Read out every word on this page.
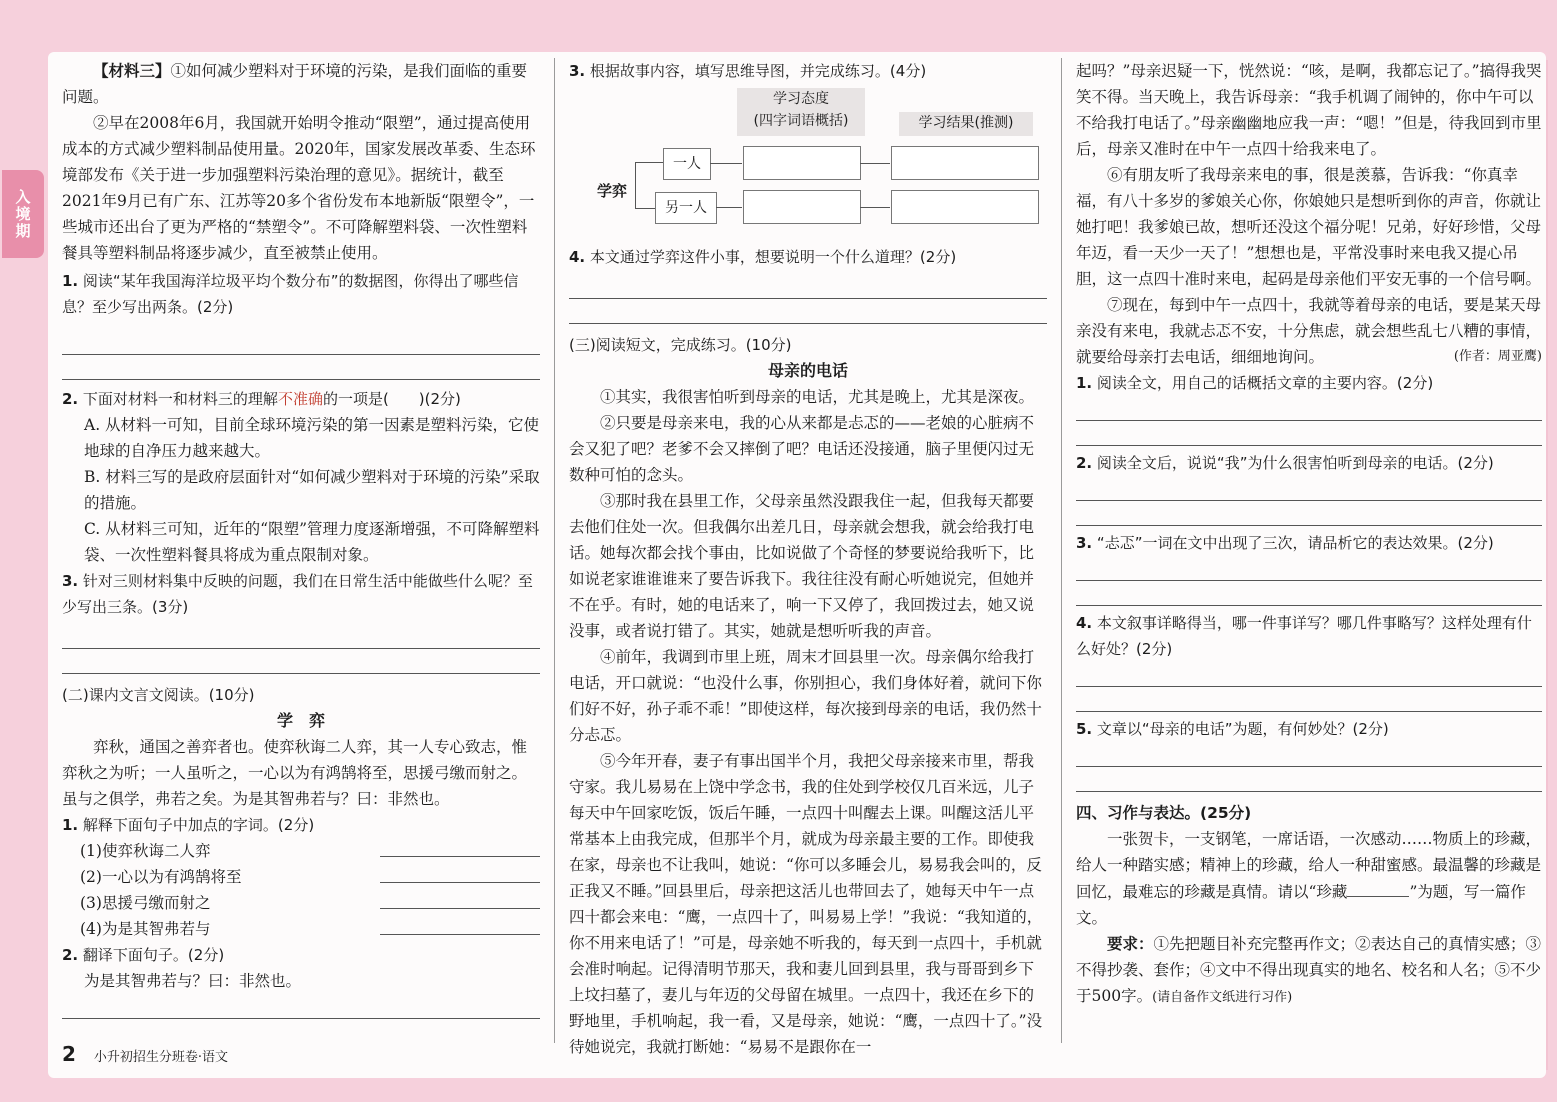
入境期

【材料三】①如何减少塑料对于环境的污染，是我们面临的重要问题。

②早在2008年6月，我国就开始明令推动“限塑”，通过提高使用成本的方式减少塑料制品使用量。2020年，国家发展改革委、生态环境部发布《关于进一步加强塑料污染治理的意见》。据统计，截至2021年9月已有广东、江苏等20多个省份发布本地新版“限塑令”，一些城市还出台了更为严格的“禁塑令”。不可降解塑料袋、一次性塑料餐具等塑料制品将逐步减少，直至被禁止使用。

1. 阅读“某年我国海洋垃圾平均个数分布”的数据图，你得出了哪些信息？至少写出两条。(2分)

2. 下面对材料一和材料三的理解不准确的一项是(　　)(2分)

A. 从材料一可知，目前全球环境污染的第一因素是塑料污染，它使地球的自净压力越来越大。

B. 材料三写的是政府层面针对“如何减少塑料对于环境的污染”采取的措施。

C. 从材料三可知，近年的“限塑”管理力度逐渐增强，不可降解塑料袋、一次性塑料餐具将成为重点限制对象。

3. 针对三则材料集中反映的问题，我们在日常生活中能做些什么呢？至少写出三条。(3分)

(二)课内文言文阅读。(10分)

学　弈

弈秋，通国之善弈者也。使弈秋诲二人弈，其一人专心致志，惟弈秋之为听；一人虽听之，一心以为有鸿鹄将至，思援弓缴而射之。虽与之俱学，弗若之矣。为是其智弗若与？曰：非然也。

1. 解释下面句子中加点的字词。(2分)

(1)使弈秋诲二人弈
(2)一心以为有鸿鹄将至
(3)思援弓缴而射之
(4)为是其智弗若与

2. 翻译下面句子。(2分)

为是其智弗若与？曰：非然也。

3. 根据故事内容，填写思维导图，并完成练习。(4分)

学习态度
(四字词语概括)	学习结果(推测)
学弈
一人
另一人

4. 本文通过学弈这件小事，想要说明一个什么道理？(2分)

(三)阅读短文，完成练习。(10分)

母亲的电话

①其实，我很害怕听到母亲的电话，尤其是晚上，尤其是深夜。

②只要是母亲来电，我的心从来都是忐忑的——老娘的心脏病不会又犯了吧？老爹不会又摔倒了吧？电话还没接通，脑子里便闪过无数种可怕的念头。

③那时我在县里工作，父母亲虽然没跟我住一起，但我每天都要去他们住处一次。但我偶尔出差几日，母亲就会想我，就会给我打电话。她每次都会找个事由，比如说做了个奇怪的梦要说给我听下，比如说老家谁谁谁来了要告诉我下。我往往没有耐心听她说完，但她并不在乎。有时，她的电话来了，响一下又停了，我回拨过去，她又说没事，或者说打错了。其实，她就是想听听我的声音。

④前年，我调到市里上班，周末才回县里一次。母亲偶尔给我打电话，开口就说：“也没什么事，你别担心，我们身体好着，就问下你们好不好，孙子乖不乖！”即使这样，每次接到母亲的电话，我仍然十分忐忑。

⑤今年开春，妻子有事出国半个月，我把父母亲接来市里，帮我守家。我儿易易在上饶中学念书，我的住处到学校仅几百米远，儿子每天中午回家吃饭，饭后午睡，一点四十叫醒去上课。叫醒这活儿平常基本上由我完成，但那半个月，就成为母亲最主要的工作。即使我在家，母亲也不让我叫，她说：“你可以多睡会儿，易易我会叫的，反正我又不睡。”回县里后，母亲把这活儿也带回去了，她每天中午一点四十都会来电：“鹰，一点四十了，叫易易上学！”我说：“我知道的，你不用来电话了！”可是，母亲她不听我的，每天到一点四十，手机就会准时响起。记得清明节那天，我和妻儿回到县里，我与哥哥到乡下上坟扫墓了，妻儿与年迈的父母留在城里。一点四十，我还在乡下的野地里，手机响起，我一看，又是母亲，她说：“鹰，一点四十了。”没待她说完，我就打断她：“易易不是跟你在一

起吗？”母亲迟疑一下，恍然说：“咳，是啊，我都忘记了。”搞得我哭笑不得。当天晚上，我告诉母亲：“我手机调了闹钟的，你中午可以不给我打电话了。”母亲幽幽地应我一声：“嗯！”但是，待我回到市里后，母亲又准时在中午一点四十给我来电了。

⑥有朋友听了我母亲来电的事，很是羡慕，告诉我：“你真幸福，有八十多岁的爹娘关心你，你娘她只是想听到你的声音，你就让她打吧！我爹娘已故，想听还没这个福分呢！兄弟，好好珍惜，父母年迈，看一天少一天了！”想想也是，平常没事时来电我又提心吊胆，这一点四十准时来电，起码是母亲他们平安无事的一个信号啊。

⑦现在，每到中午一点四十，我就等着母亲的电话，要是某天母亲没有来电，我就忐忑不安，十分焦虑，就会想些乱七八糟的事情，就要给母亲打去电话，细细地询问。	(作者：周亚鹰)

1. 阅读全文，用自己的话概括文章的主要内容。(2分)

2. 阅读全文后，说说“我”为什么很害怕听到母亲的电话。(2分)

3. “忐忑”一词在文中出现了三次，请品析它的表达效果。(2分)

4. 本文叙事详略得当，哪一件事详写？哪几件事略写？这样处理有什么好处？(2分)

5. 文章以“母亲的电话”为题，有何妙处？(2分)

四、习作与表达。(25分)

一张贺卡，一支钢笔，一席话语，一次感动……物质上的珍藏，给人一种踏实感；精神上的珍藏，给人一种甜蜜感。最温馨的珍藏是回忆，最难忘的珍藏是真情。请以“珍藏	”为题，写一篇作文。

要求：①先把题目补充完整再作文；②表达自己的真情实感；③不得抄袭、套作；④文中不得出现真实的地名、校名和人名；⑤不少于500字。(请自备作文纸进行习作)

2 小升初招生分班卷·语文
